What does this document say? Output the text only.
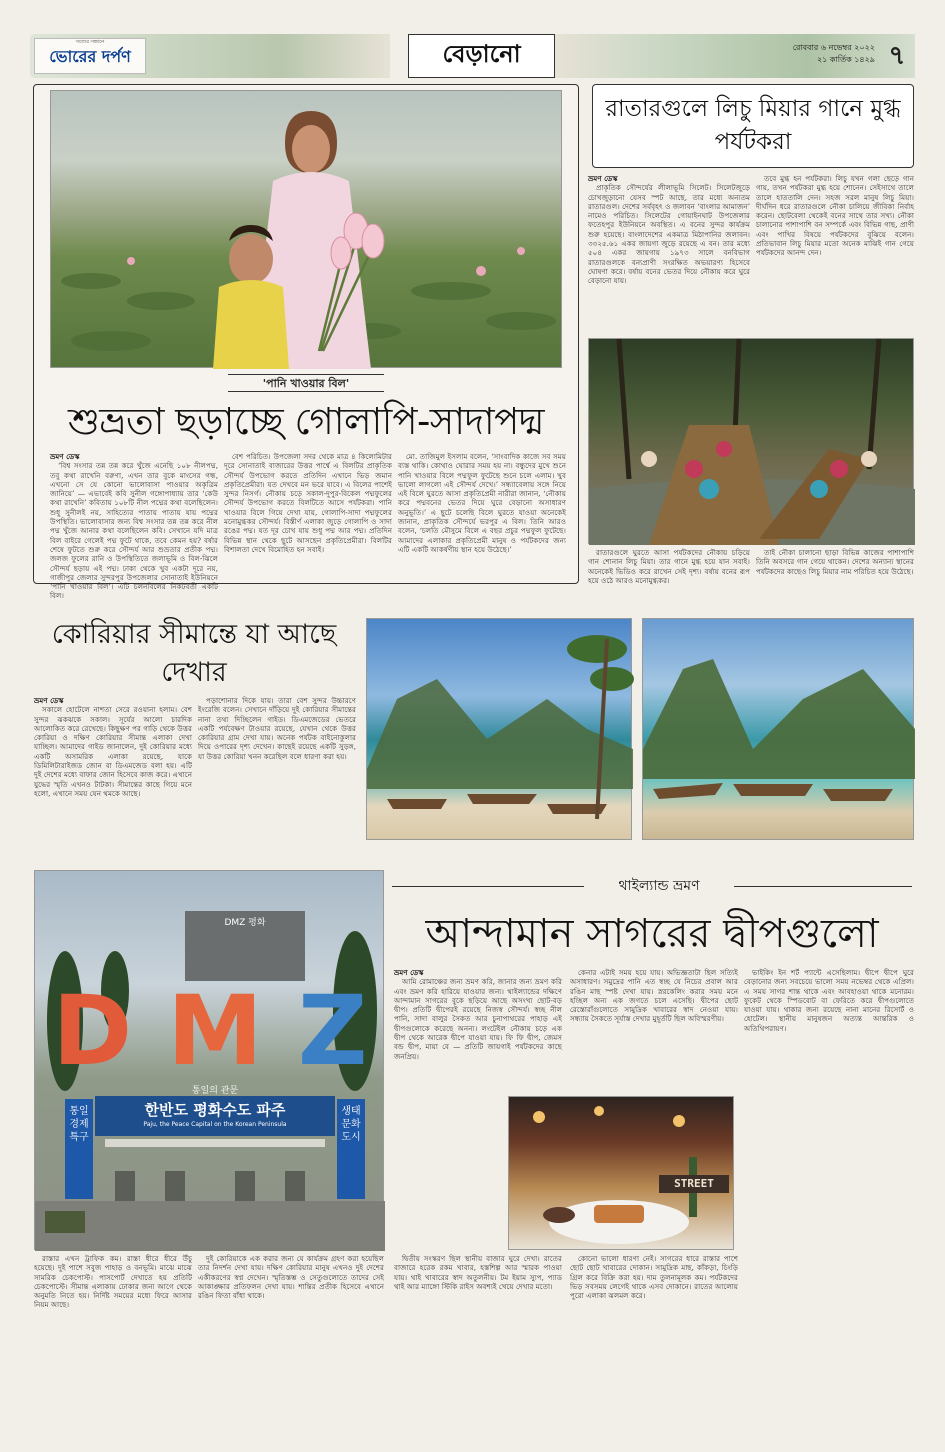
সত্যের সন্ধানে
ভোরের দর্পণ	বেড়ানো	রোববার ৬ নভেম্বর ২০২২
২১ কার্তিক ১৪২৯ ৭
'পানি খাওয়ার বিল'
শুভ্রতা ছড়াচ্ছে গোলাপি-সাদাপদ্ম
ভ্রমণ ডেস্ক

‘বিশ্ব সংসার তন্ন তন্ন করে খুঁজে এনেছি ১০৮ নীলপদ্ম, তবু কথা রাখেনি বরুণা, এখন তার বুকে মাংসের গন্ধ, এখনো সে যে কোনো ভালোবাসা পাওয়ার অকৃত্রিম জানিয়ে’ — এভাবেই কবি সুনীল গঙ্গোপাধ্যায় তার ‘কেউ কথা রাখেনি’ কবিতায় ১০৮টি নীল পদ্মের কথা বলেছিলেন। শুধু সুনীলই নয়, সাহিত্যের পাতায় পাতায় যায় পদ্মের উপস্থিতি। ভালোবাসার জন্য বিশ্ব সংসার তন্ন তন্ন করে নীল পদ্ম খুঁজে আনার কথা বলেছিলেন কবি। সেখানে যদি মাত্র বিল বাইরে গেলেই পদ্ম ফুটে থাকে, তবে কেমন হয়? বর্ষার শেষে ফুটতে শুরু করে সৌন্দর্য আর শুভ্রতার প্রতীক পদ্ম। জলজ ফুলের রানি ও উপস্থিতিতে জলাভূমি ও বিল-ঝিলে সৌন্দর্য ছড়ায় এই পদ্ম। ঢাকা থেকে খুব একটা দূরে নয়, গাজীপুর জেলার সুন্দরপুর উপজেলার সোনাতাই ইউনিয়নে ‘পানি খাওয়ার বিল’। এটি চলনবিলের নিকটবর্তী একটি বিল।

বেশ পরিচিত। উপজেলা সদর থেকে মাত্র ৪ কিলোমিটার দূরে সোনাতাই বাজারের উত্তর পার্শ্বে এ বিলটির প্রাকৃতিক সৌন্দর্য উপভোগ করতে প্রতিদিন এখানে ভিড় জমান প্রকৃতিপ্রেমীরা। যত দেখবে মন ভরে যাবে। এ বিলের পাশেই সুন্দর নিসর্গ। নৌকায় চড়ে সকাল-দুপুর-বিকেল পদ্মফুলের সৌন্দর্য উপভোগ করতে বিলটিতে আসে পর্যটকরা। পানি খাওয়ার বিলে গিয়ে দেখা যায়, গোলাপি-সাদা পদ্মফুলের মনোমুগ্ধকর সৌন্দর্য। বিস্তীর্ণ এলাকা জুড়ে গোলাপি ও সাদা রঙের পদ্ম। যত দূর চোখ যায় শুধু পদ্ম আর পদ্ম। প্রতিদিন বিভিন্ন স্থান থেকে ছুটে আসছেন প্রকৃতিপ্রেমীরা। বিলটির বিশালতা দেখে বিমোহিত হন সবাই।

মো. তাজিমুল ইসলাম বলেন, ‘সাংবাদিক কাজে সব সময় ব্যস্ত থাকি। কোথাও ঘোরার সময় হয় না। বন্ধুদের মুখে শুনে পানি খাওয়ার বিলে পদ্মফুল ফুটেছে শুনে চলে এলাম। খুব ভালো লাগলো এই সৌন্দর্য দেখে।’ সন্ধ্যাবেলায় সঙ্গে নিয়ে এই বিলে ঘুরতে আসা প্রকৃতিপ্রেমী নারীরা জানান, ‘নৌকায় করে পদ্মবনের ভেতর দিয়ে ঘুরে বেড়ানো অসাধারণ অনুভূতি।’ এ ছুটে চলেছি বিলে ঘুরতে যাওয়া অনেকেই জানান, প্রাকৃতিক সৌন্দর্যে ভরপুর এ বিল। তিনি আরও বলেন, ‘চলতি মৌসুমে বিলে এ বছর প্রচুর পদ্মফুল ফুটেছে। আমাদের এলাকার প্রকৃতিপ্রেমী মানুষ ও পর্যটকদের জন্য এটি একটি আকর্ষণীয় স্থান হয়ে উঠেছে।’

রাতারগুলে লিচু মিয়ার গানে মুগ্ধ পর্যটকরা
ভ্রমণ ডেস্ক

প্রাকৃতিক সৌন্দর্যের লীলাভূমি সিলেট। সিলেটজুড়ে চোখজুড়ানো যেসব স্পট আছে, তার মধ্যে অন্যতম রাতারগুল। দেশের সর্ববৃহৎ ও জলাবন ‘বাংলার আমাজন’ নামেও পরিচিত। সিলেটের গোয়াইনঘাট উপজেলার ফতেহপুর ইউনিয়নে অবস্থিত। এ বনের সুন্দর কার্যক্রম শুরু হয়েছে। বাংলাদেশের একমাত্র মিঠাপানির জলাবন। ৩৩২৫.৬১ একর জায়গা জুড়ে রয়েছে এ বন। তার মধ্যে ৫০৪ একর জায়গায় ১৯৭৩ সালে বনবিভাগ রাতারগুলকে বন্যপ্রাণী সংরক্ষিত অভয়ারণ্য হিসেবে ঘোষণা করে। বর্ষায় বনের ভেতর দিয়ে নৌকায় করে ঘুরে বেড়ানো যায়।

তবে মুগ্ধ হন পর্যটকরা। লিচু যখন গলা ছেড়ে গান গায়, তখন পর্যটকরা মুগ্ধ হয়ে শোনেন। সেইসাথে তালে তালে হাততালি দেন। সহজ সরল মানুষ লিচু মিয়া। দীর্ঘদিন ধরে রাতারগুলে নৌকা চালিয়ে জীবিকা নির্বাহ করেন। ছোটবেলা থেকেই বনের সাথে তার সখ্য। নৌকা চালানোর পাশাপাশি বন সম্পর্কে এবং বিভিন্ন গাছ, প্রাণী এবং পাখির বিষয়ে পর্যটকদের বুঝিয়ে বলেন। প্রতিভাবান লিচু মিয়ার মতো অনেক মাঝিই গান গেয়ে পর্যটকদের আনন্দ দেন।

রাতারগুলে ঘুরতে আসা পর্যটকদের নৌকায় চড়িয়ে গান শোনান লিচু মিয়া। তার গানে মুগ্ধ হয়ে যান সবাই। অনেকেই ভিডিও করে রাখেন সেই দৃশ্য। বর্ষায় বনের রূপ হয়ে ওঠে আরও মনোমুগ্ধকর।

তাই নৌকা চালানো ছাড়া বিভিন্ন কাজের পাশাপাশি তিনি অবসরে গান গেয়ে থাকেন। দেশের অন্যান্য স্থানের পর্যটকদের কাছেও লিচু মিয়ার নাম পরিচিত হয়ে উঠেছে।

কোরিয়ার সীমান্তে যা আছে দেখার
ভ্রমণ ডেস্ক

সকালে হোটেলে নাশতা সেরে রওয়ানা হলাম। বেশ সুন্দর ঝকঝকে সকাল। সূর্যের আলো চারদিক আলোকিত করে রেখেছে। কিছুক্ষণ পর গাড়ি থেকে উত্তর কোরিয়া ও দক্ষিণ কোরিয়ার সীমান্ত এলাকা দেখা যাচ্ছিল। আমাদের গাইড জানালেন, দুই কোরিয়ার মধ্যে একটি অসামরিক এলাকা রয়েছে, যাকে ডিমিলিটারাইজড জোন বা ডিএমজেড বলা হয়। এটি দুই দেশের মধ্যে বাফার জোন হিসেবে কাজ করে। এখানে যুদ্ধের স্মৃতি এখনও টাটকা। সীমান্তের কাছে গিয়ে মনে হলো, এখানে সময় যেন থমকে আছে।

পড়াশোনার দিকে যায়। তারা বেশ সুন্দর উচ্চারণে ইংরেজি বলেন। সেখানে দাঁড়িয়ে দুই কোরিয়ার সীমান্তের নানা তথ্য দিচ্ছিলেন গাইড। ডিএমজেডের ভেতরে একটি পর্যবেক্ষণ টাওয়ার রয়েছে, যেখান থেকে উত্তর কোরিয়ার গ্রাম দেখা যায়। অনেক পর্যটক বাইনোকুলার দিয়ে ওপারের দৃশ্য দেখেন। কাছেই রয়েছে একটি সুড়ঙ্গ, যা উত্তর কোরিয়া খনন করেছিল বলে ধারণা করা হয়।

DMZ 평화
D M Z
통일의 관문
한반도 평화수도 파주
Paju, the Peace Capital on the Korean Peninsula
통일경제특구
생태문화도시

রাস্তার এখন ট্রাফিক কম। রাস্তা ধীরে ধীরে উঁচু হয়েছে। দুই পাশে সবুজ পাহাড় ও বনভূমি। মাঝে মাঝে সামরিক চেকপোস্ট। পাসপোর্ট দেখাতে হয় প্রতিটি চেকপোস্টে। সীমান্ত এলাকায় ঢোকার জন্য আগে থেকে অনুমতি নিতে হয়। নির্দিষ্ট সময়ের মধ্যে ফিরে আসার নিয়ম আছে।

দুই কোরিয়াকে এক করার জন্য যে কার্যক্রম গ্রহণ করা হয়েছিল তার নিদর্শন দেখা যায়। দক্ষিণ কোরিয়ার মানুষ এখনও দুই দেশের একীকরণের স্বপ্ন দেখেন। স্মৃতিস্তম্ভ ও সেতুগুলোতে তাদের সেই আকাঙ্ক্ষার প্রতিফলন দেখা যায়। শান্তির প্রতীক হিসেবে এখানে রঙিন ফিতা বাঁধা থাকে।

থাইল্যান্ড ভ্রমণ
আন্দামান সাগরের দ্বীপগুলো
ভ্রমণ ডেস্ক

আমি রোমাঞ্চের জন্য ভ্রমণ করি, জানার জন্য ভ্রমণ করি এবং ভ্রমণ করি হারিয়ে যাওয়ার জন্য। থাইল্যান্ডের দক্ষিণে আন্দামান সাগরের বুকে ছড়িয়ে আছে অসংখ্য ছোট-বড় দ্বীপ। প্রতিটি দ্বীপেরই রয়েছে নিজস্ব সৌন্দর্য। স্বচ্ছ নীল পানি, সাদা বালুর সৈকত আর চুনাপাথরের পাহাড় এই দ্বীপগুলোকে করেছে অনন্য। লংটেইল নৌকায় চড়ে এক দ্বীপ থেকে আরেক দ্বীপে যাওয়া যায়। ফি ফি দ্বীপ, জেমস বন্ড দ্বীপ, মায়া বে — প্রতিটি জায়গাই পর্যটকদের কাছে জনপ্রিয়।

কেনার এটাই সময় হয়ে যায়। অভিজ্ঞতাটা ছিল সত্যিই অসাধারণ। সমুদ্রের পানি এত স্বচ্ছ যে নিচের প্রবাল আর রঙিন মাছ স্পষ্ট দেখা যায়। স্নরকেলিং করার সময় মনে হচ্ছিল অন্য এক জগতে চলে এসেছি। দ্বীপের ছোট রেস্তোরাঁগুলোতে সামুদ্রিক খাবারের স্বাদ নেওয়া যায়। সন্ধ্যায় সৈকতে সূর্যাস্ত দেখার মুহূর্তটি ছিল অবিস্মরণীয়।

ভাইকিং ইন শর্ট প্যান্টে এসেছিলাম। দ্বীপে দ্বীপে ঘুরে বেড়ানোর জন্য সবচেয়ে ভালো সময় নভেম্বর থেকে এপ্রিল। এ সময় সাগর শান্ত থাকে এবং আবহাওয়া থাকে মনোরম। ফুকেট থেকে স্পিডবোট বা ফেরিতে করে দ্বীপগুলোতে যাওয়া যায়। থাকার জন্য রয়েছে নানা মানের রিসোর্ট ও হোটেল। স্থানীয় মানুষজন অত্যন্ত আন্তরিক ও অতিথিপরায়ণ।

STREET

দ্বিতীয় সংস্করণ ছিল স্থানীয় বাজার ঘুরে দেখা। রাতের বাজারে হরেক রকম খাবার, হস্তশিল্প আর স্মারক পাওয়া যায়। থাই খাবারের স্বাদ অতুলনীয়। টম ইয়াম স্যুপ, প্যাড থাই আর ম্যাঙ্গো স্টিকি রাইস অবশ্যই খেয়ে দেখার মতো।

কোনো ভালো ধারণা নেই। সাগরের ধারে রাস্তার পাশে ছোট ছোট খাবারের দোকান। সামুদ্রিক মাছ, কাঁকড়া, চিংড়ি গ্রিল করে বিক্রি করা হয়। দাম তুলনামূলক কম। পর্যটকদের ভিড় সবসময় লেগেই থাকে এসব দোকানে। রাতের আলোয় পুরো এলাকা ঝলমল করে।
